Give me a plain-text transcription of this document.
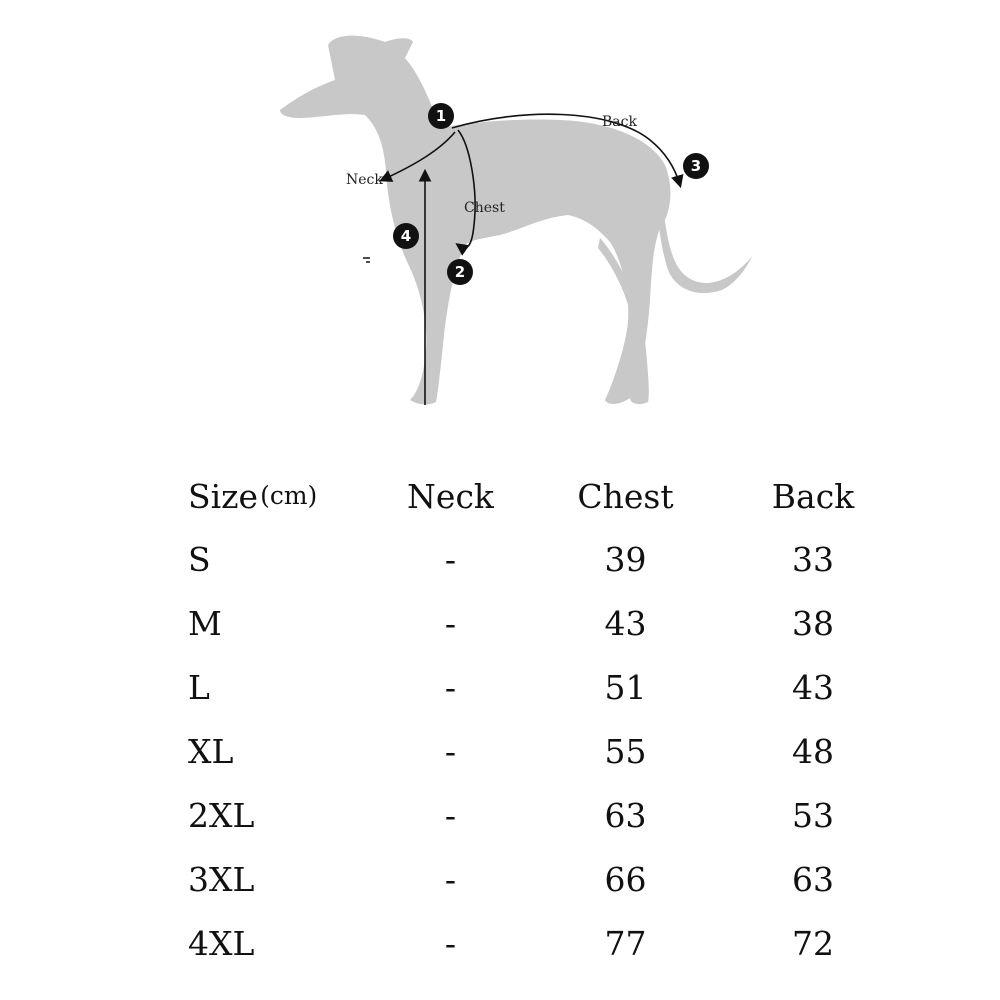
Neck
Back
Chest
1
2
3
4
Size(cm)	Neck	Chest	Back
S	-	39	33
M	-	43	38
L	-	51	43
XL	-	55	48
2XL	-	63	53
3XL	-	66	63
4XL	-	77	72
